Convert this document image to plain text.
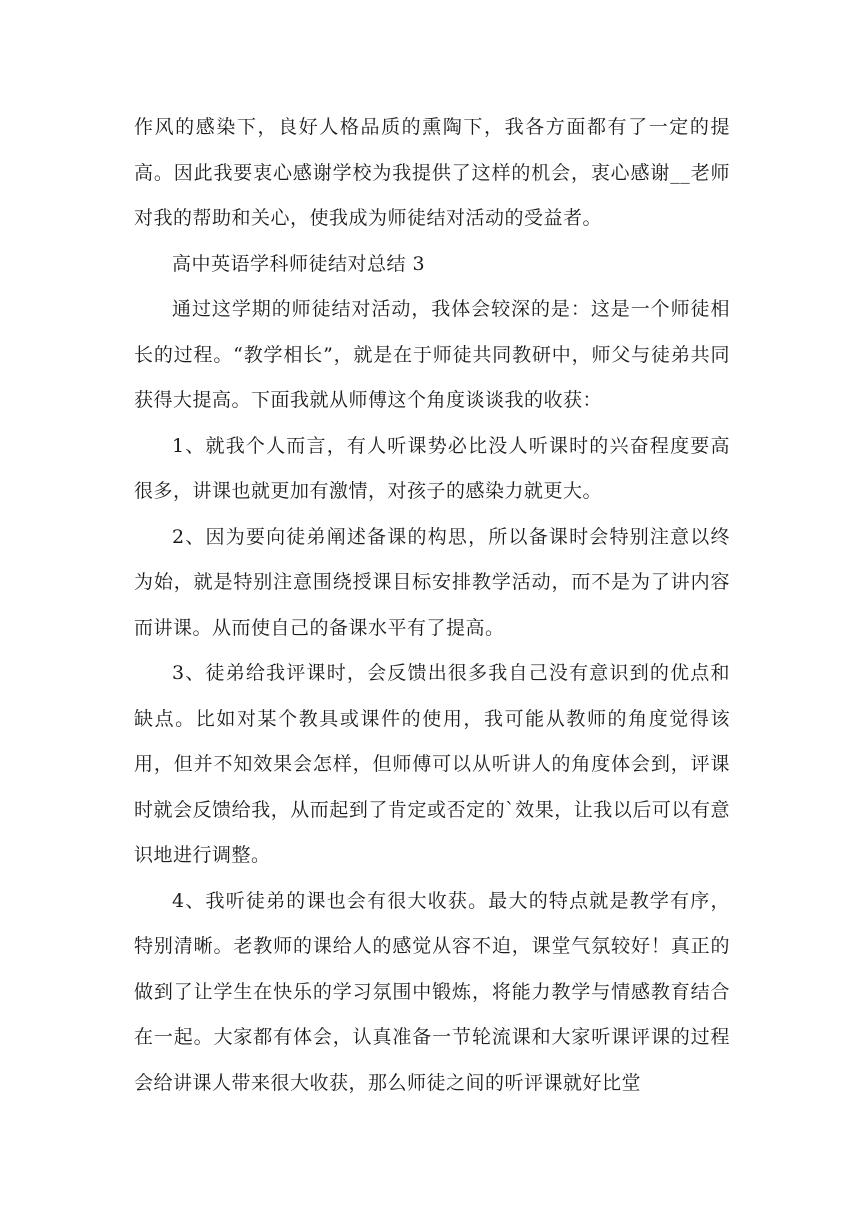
作风的感染下，良好人格品质的熏陶下，我各方面都有了一定的提高。因此我要衷心感谢学校为我提供了这样的机会，衷心感谢__老师对我的帮助和关心，使我成为师徒结对活动的受益者。

高中英语学科师徒结对总结 3

通过这学期的师徒结对活动，我体会较深的是：这是一个师徒相长的过程。“教学相长”，就是在于师徒共同教研中，师父与徒弟共同获得大提高。下面我就从师傅这个角度谈谈我的收获：

1、就我个人而言，有人听课势必比没人听课时的兴奋程度要高很多，讲课也就更加有激情，对孩子的感染力就更大。

2、因为要向徒弟阐述备课的构思，所以备课时会特别注意以终为始，就是特别注意围绕授课目标安排教学活动，而不是为了讲内容而讲课。从而使自己的备课水平有了提高。

3、徒弟给我评课时，会反馈出很多我自己没有意识到的优点和缺点。比如对某个教具或课件的使用，我可能从教师的角度觉得该用，但并不知效果会怎样，但师傅可以从听讲人的角度体会到，评课时就会反馈给我，从而起到了肯定或否定的`效果，让我以后可以有意识地进行调整。

4、我听徒弟的课也会有很大收获。最大的特点就是教学有序，特别清晰。老教师的课给人的感觉从容不迫，课堂气氛较好！真正的做到了让学生在快乐的学习氛围中锻炼，将能力教学与情感教育结合在一起。大家都有体会，认真准备一节轮流课和大家听课评课的过程会给讲课人带来很大收获，那么师徒之间的听评课就好比堂
